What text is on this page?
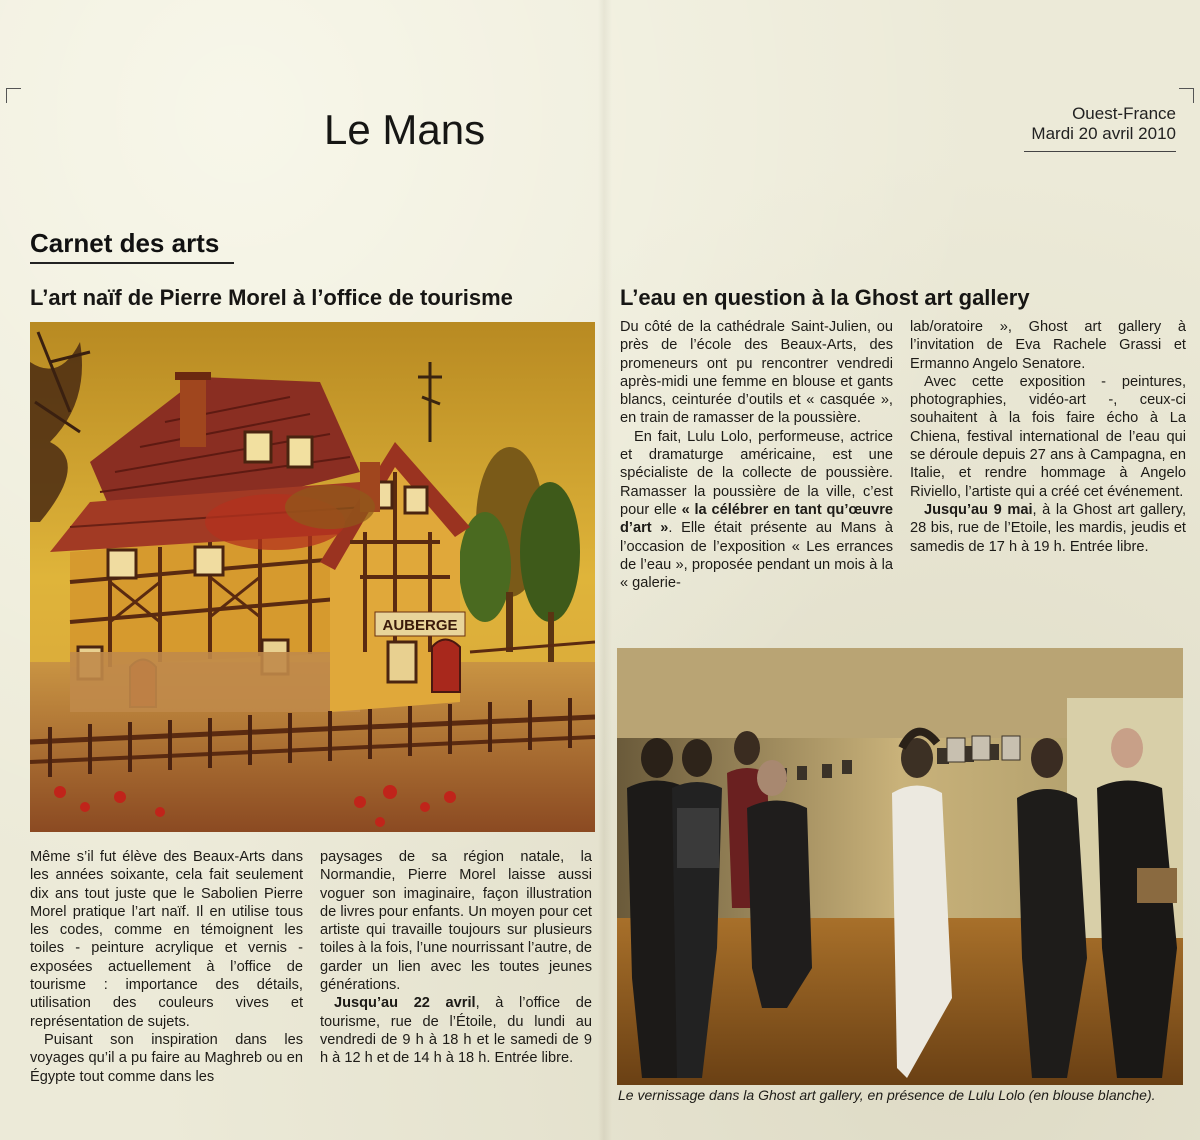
Le Mans	Ouest-France
Mardi 20 avril 2010
Carnet des arts
L’art naïf de Pierre Morel à l’office de tourisme	L’eau en question à la Ghost art gallery
AUBERGE

Même s’il fut élève des Beaux-Arts dans les années soixante, cela fait seulement dix ans tout juste que le Sabolien Pierre Morel pratique l’art naïf. Il en utilise tous les codes, comme en témoignent les toiles - peinture acrylique et vernis - exposées actuellement à l’office de tourisme : importance des détails, utilisation des couleurs vives et représentation de sujets.

Puisant son inspiration dans les voyages qu’il a pu faire au Maghreb ou en Égypte tout comme dans les

paysages de sa région natale, la Normandie, Pierre Morel laisse aussi voguer son imaginaire, façon illustration de livres pour enfants. Un moyen pour cet artiste qui travaille toujours sur plusieurs toiles à la fois, l’une nourrissant l’autre, de garder un lien avec les toutes jeunes générations.

Jusqu’au 22 avril, à l’office de tourisme, rue de l’Étoile, du lundi au vendredi de 9 h à 18 h et le samedi de 9 h à 12 h et de 14 h à 18 h. Entrée libre.

Du côté de la cathédrale Saint-Julien, ou près de l’école des Beaux-Arts, des promeneurs ont pu rencontrer vendredi après-midi une femme en blouse et gants blancs, ceinturée d’outils et « casquée », en train de ramasser de la poussière.

En fait, Lulu Lolo, performeuse, actrice et dramaturge américaine, est une spécialiste de la collecte de poussière. Ramasser la poussière de la ville, c’est pour elle « la célébrer en tant qu’œuvre d’art ». Elle était présente au Mans à l’occasion de l’exposition « Les errances de l’eau », proposée pendant un mois à la « galerie-

lab/oratoire », Ghost art gallery à l’invitation de Eva Rachele Grassi et Ermanno Angelo Senatore.

Avec cette exposition - peintures, photographies, vidéo-art -, ceux-ci souhaitent à la fois faire écho à La Chiena, festival international de l’eau qui se déroule depuis 27 ans à Campagna, en Italie, et rendre hommage à Angelo Riviello, l’artiste qui a créé cet événement.

Jusqu’au 9 mai, à la Ghost art gallery, 28 bis, rue de l’Etoile, les mardis, jeudis et samedis de 17 h à 19 h. Entrée libre.

Le vernissage dans la Ghost art gallery, en présence de Lulu Lolo (en blouse blanche).
